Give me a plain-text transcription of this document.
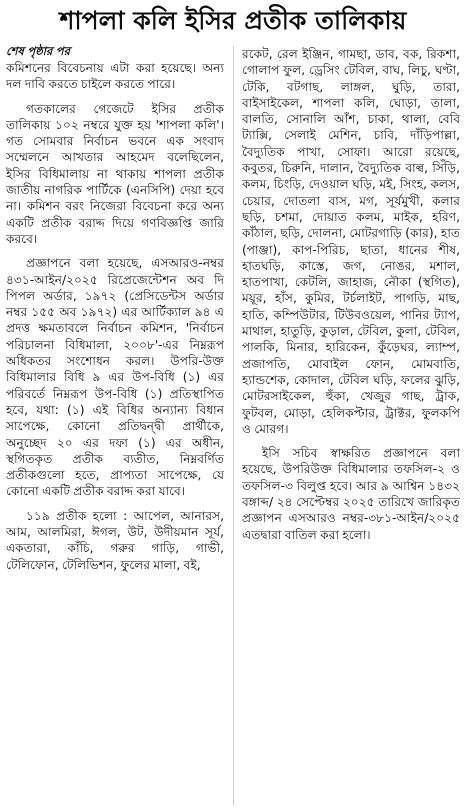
শাপলা কলি ইসির প্রতীক তালিকায়
শেষ পৃষ্ঠার পর

কমিশনের বিবেচনায় এটা করা হয়েছে। অন্য দল দাবি করতে চাইলে করতে পারে।

গতকালের গেজেটে ইসির প্রতীক তালিকায় ১০২ নম্বরে যুক্ত হয় 'শাপলা কলি'। গত সোমবার নির্বাচন ভবনে এক সংবাদ সম্মেলনে আখতার আহমেদ বলেছিলেন, ইসির বিধিমালায় না থাকায় শাপলা প্রতীক জাতীয় নাগরিক পার্টিকে (এনসিপি) দেয়া হবে না। কমিশন বরং নিজেরা বিবেচনা করে অন্য একটি প্রতীক বরাদ্দ দিয়ে গণবিজ্ঞপ্তি জারি করবে।

প্রজ্ঞাপনে বলা হয়েছে, এসআরও-নম্বর ৪৩১-আইন/২০২৫ রিপ্রেজেন্টেশন অব দি পিপল অর্ডার, ১৯৭২ (প্রেসিডেন্টস অর্ডার নম্বর ১৫৫ অব ১৯৭২) এর আর্টিক্যাল ৯৪ এ প্রদত্ত ক্ষমতাবলে নির্বাচন কমিশন, 'নির্বাচন পরিচালনা বিধিমালা, ২০০৮'-এর নিম্নরূপ অধিকতর সংশোধন করল। উপরি-উক্ত বিধিমালার বিধি ৯ এর উপ-বিধি (১) এর পরিবর্তে নিম্নরূপ উপ-বিধি (১) প্রতিস্থাপিত হবে, যথা: (১) এই বিধির অন্যান্য বিধান সাপেক্ষে, কোনো প্রতিদ্বন্দ্বী প্রার্থীকে, অনুচ্ছেদ ২০ এর দফা (১) এর অধীন, স্থগিতকৃত প্রতীক ব্যতীত, নিম্নবর্ণিত প্রতীকগুলো হতে, প্রাপ্যতা সাপেক্ষে, যে কোনো একটি প্রতীক বরাদ্দ করা যাবে।

১১৯ প্রতীক হলো : আপেল, আনারস, আম, আলমিরা, ঈগল, উট, উদীয়মান সূর্য, একতারা, কাঁচি, গরুর গাড়ি, গাভী, টেলিফোন, টেলিভিশন, ফুলের মালা, বই,

রকেট, রেল ইঞ্জিন, গামছা, ডাব, বক, রিকশা, গোলাপ ফুল, ড্রেসিং টেবিল, বাঘ, লিচু, ঘণ্টা, টেকি, বটগাছ, লাঙ্গল, ঘুড়ি, তারা, বাইসাইকেল, শাপলা কলি, ঘোড়া, তালা, বালতি, সোনালি আঁশ, চাকা, থালা, বেবি ট্যাক্সি, সেলাই মেশিন, চাবি, দাঁড়িপাল্লা, বৈদ্যুতিক পাখা, সোফা। আরো রয়েছে, কবুতর, চিরুনি, দালান, বৈদ্যুতিক বাল্ব, সিঁড়ি, কলম, চিংড়ি, দেওয়াল ঘড়ি, মই, সিংহ, কলস, চেয়ার, দোতলা বাস, মগ, সূর্যমুখী, কলার ছড়ি, চশমা, দোয়াত কলম, মাইক, হরিণ, কাঁঠাল, ছড়ি, দোলনা, মোটরগাড়ি (কার), হাত (পাঞ্জা), কাপ-পিরিচ, ছাতা, ধানের শীষ, হাতঘড়ি, কাস্তে, জগ, নোঙর, মশাল, হাতপাখা, কেটলি, জাহাজ, নৌকা (স্থগিত), ময়ূর, হাঁস, কুমির, টর্চলাইট, পাগড়ি, মাছ, হাতি, কম্পিউটার, টিউবওয়েল, পানির ট্যাপ, মাথাল, হাতুড়ি, কুড়াল, টেবিল, কুলা, টেবিল, পালকি, মিনার, হারিকেন, কুঁড়েঘর, ল্যাম্প, প্রজাপতি, মোবাইল ফোন, মোমবাতি, হ্যান্ডশেক, কোদাল, টেবিল ঘড়ি, ফলের ঝুড়ি, মোটরসাইকেল, হুঁকা, খেজুর গাছ, ট্রাক, ফুটবল, মোড়া, হেলিকপ্টার, ট্রাক্টর, ফুলকপি ও মোরগ।

ইসি সচিব স্বাক্ষরিত প্রজ্ঞাপনে বলা হয়েছে, উপরিউক্ত বিধিমালার তফসিল-২ ও তফসিল-৩ বিলুপ্ত হবে। আর ৯ আশ্বিন ১৪৩২ বঙ্গাব্দ/ ২৪ সেপ্টেম্বর ২০২৫ তারিখে জারিকৃত প্রজ্ঞাপন এসআরও নম্বর-৩৮১-আইন/২০২৫ এতদ্বারা বাতিল করা হলো।
